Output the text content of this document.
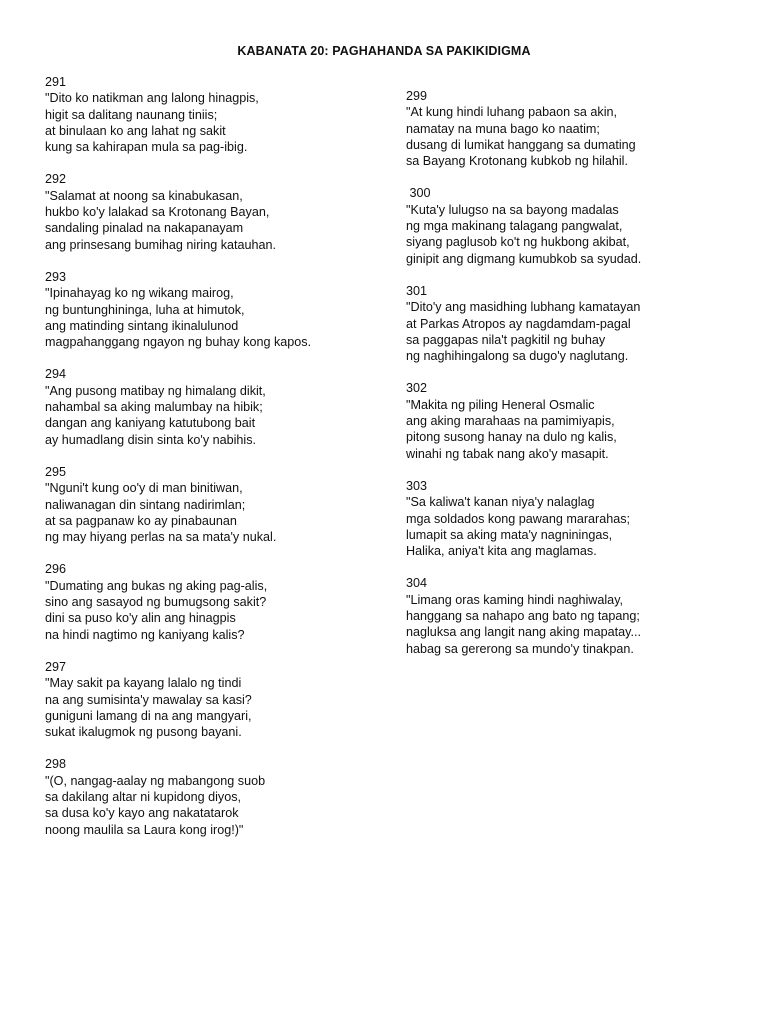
KABANATA 20: PAGHAHANDA SA PAKIKIDIGMA
291
"Dito ko natikman ang lalong hinagpis,
higit sa dalitang naunang tiniis;
at binulaan ko ang lahat ng sakit
kung sa kahirapan mula sa pag-ibig.
292
"Salamat at noong sa kinabukasan,
hukbo ko'y lalakad sa Krotonang Bayan,
sandaling pinalad na nakapanayam
ang prinsesang bumihag niring katauhan.
293
"Ipinahayag ko ng wikang mairog,
ng buntunghininga, luha at himutok,
ang matinding sintang ikinalulunod
magpahanggang ngayon ng buhay kong kapos.
294
"Ang pusong matibay ng himalang dikit,
nahambal sa aking malumbay na hibik;
dangan ang kaniyang katutubong bait
ay humadlang disin sinta ko'y nabihis.
295
"Nguni't kung oo'y di man binitiwan,
naliwanagan din sintang nadirimlan;
at sa pagpanaw ko ay pinabaunan
ng may hiyang perlas na sa mata'y nukal.
296
"Dumating ang bukas ng aking pag-alis,
sino ang sasayod ng bumugsong sakit?
dini sa puso ko'y alin ang hinagpis
na hindi nagtimo ng kaniyang kalis?
297
"May sakit pa kayang lalalo ng tindi
na ang sumisinta'y mawalay sa kasi?
guniguni lamang di na ang mangyari,
sukat ikalugmok ng pusong bayani.
298
"(O, nangag-aalay ng mabangong suob
sa dakilang altar ni kupidong diyos,
sa dusa ko'y kayo ang nakatatarok
noong maulila sa Laura kong irog!)"
299
"At kung hindi luhang pabaon sa akin,
namatay na muna bago ko naatim;
dusang di lumikat hanggang sa dumating
sa Bayang Krotonang kubkob ng hilahil.
300
"Kuta'y lulugso na sa bayong madalas
ng mga makinang talagang pangwalat,
siyang paglusob ko't ng hukbong akibat,
ginipit ang digmang kumubkob sa syudad.
301
"Dito'y ang masidhing lubhang kamatayan
at Parkas Atropos ay nagdamdam-pagal
sa paggapas nila't pagkitil ng buhay
ng naghihingalong sa dugo'y naglutang.
302
"Makita ng piling Heneral Osmalic
ang aking marahaas na pamimiyapis,
pitong susong hanay na dulo ng kalis,
winahi ng tabak nang ako'y masapit.
303
"Sa kaliwa't kanan niya'y nalaglag
mga soldados kong pawang mararahas;
lumapit sa aking mata'y nagniningas,
Halika, aniya't kita ang maglamas.
304
"Limang oras kaming hindi naghiwalay,
hanggang sa nahapo ang bato ng tapang;
nagluksa ang langit nang aking mapatay...
habag sa gererong sa mundo'y tinakpan.
